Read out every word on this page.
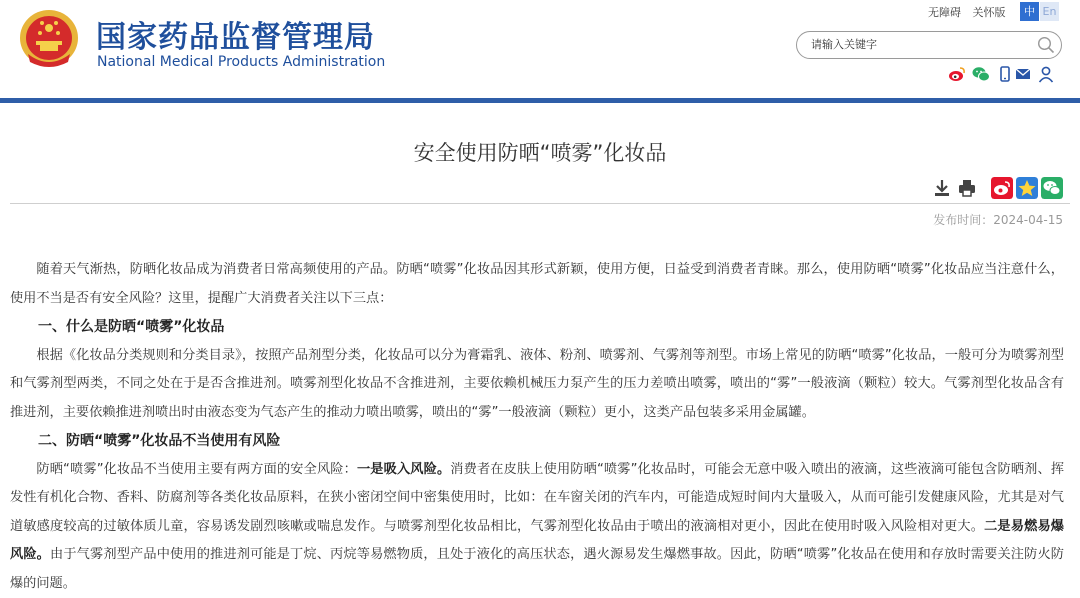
国家药品监督管理局
National Medical Products Administration
无障碍 关怀版	中 En
请输入关键字
安全使用防晒“喷雾”化妆品
发布时间：2024-04-15

随着天气渐热，防晒化妆品成为消费者日常高频使用的产品。防晒“喷雾”化妆品因其形式新颖，使用方便，日益受到消费者青睐。那么，使用防晒“喷雾”化妆品应当注意什么，使用不当是否有安全风险？这里，提醒广大消费者关注以下三点：

一、什么是防晒“喷雾”化妆品

根据《化妆品分类规则和分类目录》，按照产品剂型分类，化妆品可以分为膏霜乳、液体、粉剂、喷雾剂、气雾剂等剂型。市场上常见的防晒“喷雾”化妆品，一般可分为喷雾剂型和气雾剂型两类，不同之处在于是否含推进剂。喷雾剂型化妆品不含推进剂，主要依赖机械压力泵产生的压力差喷出喷雾，喷出的“雾”一般液滴（颗粒）较大。气雾剂型化妆品含有推进剂，主要依赖推进剂喷出时由液态变为气态产生的推动力喷出喷雾，喷出的“雾”一般液滴（颗粒）更小，这类产品包装多采用金属罐。

二、防晒“喷雾”化妆品不当使用有风险

防晒“喷雾”化妆品不当使用主要有两方面的安全风险：一是吸入风险。消费者在皮肤上使用防晒“喷雾”化妆品时，可能会无意中吸入喷出的液滴，这些液滴可能包含防晒剂、挥发性有机化合物、香料、防腐剂等各类化妆品原料，在狭小密闭空间中密集使用时，比如：在车窗关闭的汽车内，可能造成短时间内大量吸入，从而可能引发健康风险，尤其是对气道敏感度较高的过敏体质儿童，容易诱发剧烈咳嗽或喘息发作。与喷雾剂型化妆品相比，气雾剂型化妆品由于喷出的液滴相对更小，因此在使用时吸入风险相对更大。二是易燃易爆风险。由于气雾剂型产品中使用的推进剂可能是丁烷、丙烷等易燃物质，且处于液化的高压状态，遇火源易发生爆燃事故。因此，防晒“喷雾”化妆品在使用和存放时需要关注防火防爆的问题。
